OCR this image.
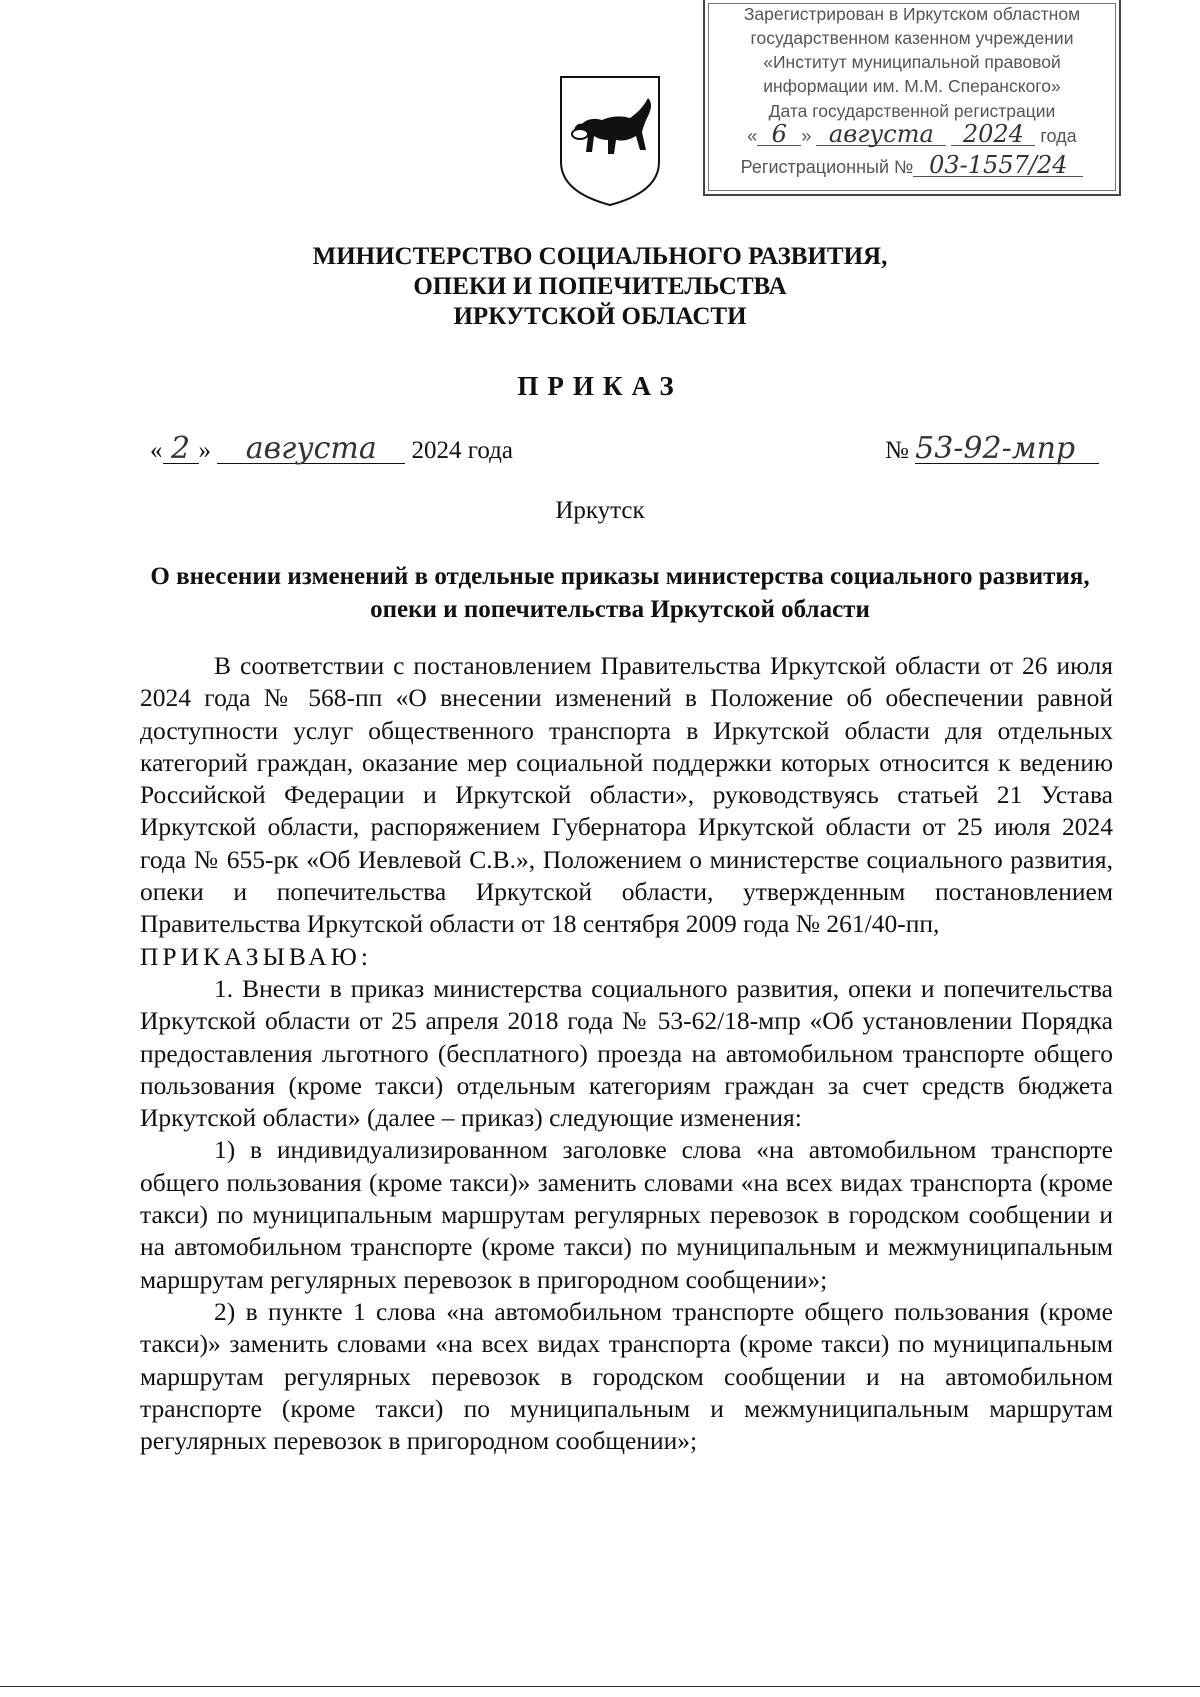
Зарегистрирован в Иркутском областном
государственном казенном учреждении
«Институт муниципальной правовой
информации им. М.М. Сперанского»
Дата государственной регистрации
« 6 » августа 2024 года
Регистрационный № 03-1557/24
МИНИСТЕРСТВО СОЦИАЛЬНОГО РАЗВИТИЯ,
ОПЕКИ И ПОПЕЧИТЕЛЬСТВА
ИРКУТСКОЙ ОБЛАСТИ
ПРИКАЗ
« 2 » августа 2024 года	№ 53-92-мпр
Иркутск
О внесении изменений в отдельные приказы министерства социального развития, опеки и попечительства Иркутской области

В соответствии с постановлением Правительства Иркутской области от 26 июля 2024 года № 568-пп «О внесении изменений в Положение об обеспечении равной доступности услуг общественного транспорта в Иркутской области для отдельных категорий граждан, оказание мер социальной поддержки которых относится к ведению Российской Федерации и Иркутской области», руководствуясь статьей 21 Устава Иркутской области, распоряжением Губернатора Иркутской области от 25 июля 2024 года № 655-рк «Об Иевлевой С.В.», Положением о министерстве социального развития, опеки и попечительства Иркутской области, утвержденным постановлением Правительства Иркутской области от 18 сентября 2009 года № 261/40-пп,

ПРИКАЗЫВАЮ:

1. Внести в приказ министерства социального развития, опеки и попечительства Иркутской области от 25 апреля 2018 года № 53-62/18-мпр «Об установлении Порядка предоставления льготного (бесплатного) проезда на автомобильном транспорте общего пользования (кроме такси) отдельным категориям граждан за счет средств бюджета Иркутской области» (далее – приказ) следующие изменения:

1) в индивидуализированном заголовке слова «на автомобильном транспорте общего пользования (кроме такси)» заменить словами «на всех видах транспорта (кроме такси) по муниципальным маршрутам регулярных перевозок в городском сообщении и на автомобильном транспорте (кроме такси) по муниципальным и межмуниципальным маршрутам регулярных перевозок в пригородном сообщении»;

2) в пункте 1 слова «на автомобильном транспорте общего пользования (кроме такси)» заменить словами «на всех видах транспорта (кроме такси) по муниципальным маршрутам регулярных перевозок в городском сообщении и на автомобильном транспорте (кроме такси) по муниципальным и межмуниципальным маршрутам регулярных перевозок в пригородном сообщении»;
